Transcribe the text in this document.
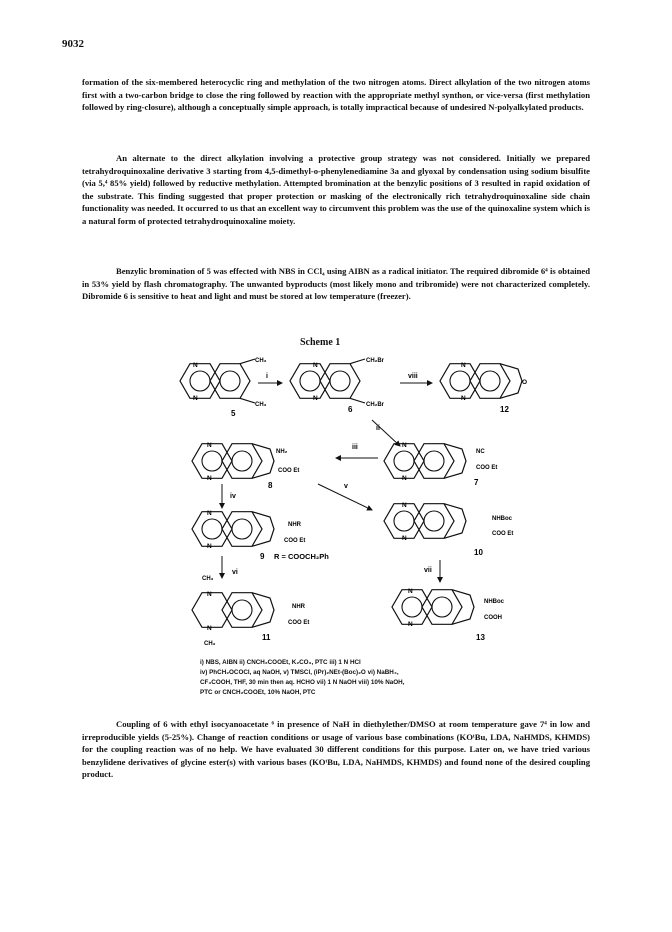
9032

formation of the six-membered heterocyclic ring and methylation of the two nitrogen atoms. Direct alkylation of the two nitrogen atoms first with a two-carbon bridge to close the ring followed by reaction with the appropriate methyl synthon, or vice-versa (first methylation followed by ring-closure), although a conceptually simple approach, is totally impractical because of undesired N-polyalkylated products.

An alternate to the direct alkylation involving a protective group strategy was not considered. Initially we prepared tetrahydroquinoxaline derivative 3 starting from 4,5-dimethyl-o-phenylenediamine 3a and glyoxal by condensation using sodium bisulfite (via 5,⁴ 85% yield) followed by reductive methylation. Attempted bromination at the benzylic positions of 3 resulted in rapid oxidation of the substrate. This finding suggested that proper protection or masking of the electronically rich tetrahydroquinoxaline side chain functionality was needed. It occurred to us that an excellent way to circumvent this problem was the use of the quinoxaline system which is a natural form of protected tetrahydroquinoxaline moiety.

Benzylic bromination of 5 was effected with NBS in CCl₄ using AIBN as a radical initiator. The required dibromide 6⁴ is obtained in 53% yield by flash chromatography. The unwanted byproducts (most likely mono and tribromide) were not characterized completely. Dibromide 6 is sensitive to heat and light and must be stored at low temperature (freezer).

Scheme 1
N
N
CH₃
CH₃
5
i
N
N
CH₂Br
CH₂Br
6
viii
N
N
O
12
ii
N
N
NH₂
COO Et
8
iii	N
N
NC
COO Et
7
iv
v
N
N
NHR
COO Et
9 R = COOCH₂Ph
N
N
NHBoc
COO Et
10
vi	vii
CH₃
N
N
CH₃
NHR
COO Et
11
N
N
NHBoc
COOH
13
i) NBS, AIBN ii) CNCH₂COOEt, K₂CO₃, PTC iii) 1 N HCl
iv) PhCH₂OCOCl, aq NaOH, v) TMSCl, (iPr)₂NEt-(Boc)₂O vi) NaBH₄,
CF₃COOH, THF, 30 min then aq. HCHO vii) 1 N NaOH viii) 10% NaOH,
PTC or CNCH₂COOEt, 10% NaOH, PTC

Coupling of 6 with ethyl isocyanoacetate ⁶ in presence of NaH in diethylether/DMSO at room temperature gave 7⁴ in low and irreproducible yields (5-25%). Change of reaction conditions or usage of various base combinations (KOᵗBu, LDA, NaHMDS, KHMDS) for the coupling reaction was of no help. We have evaluated 30 different conditions for this purpose. Later on, we have tried various benzylidene derivatives of glycine ester(s) with various bases (KOᵗBu, LDA, NaHMDS, KHMDS) and found none of the desired coupling product.
